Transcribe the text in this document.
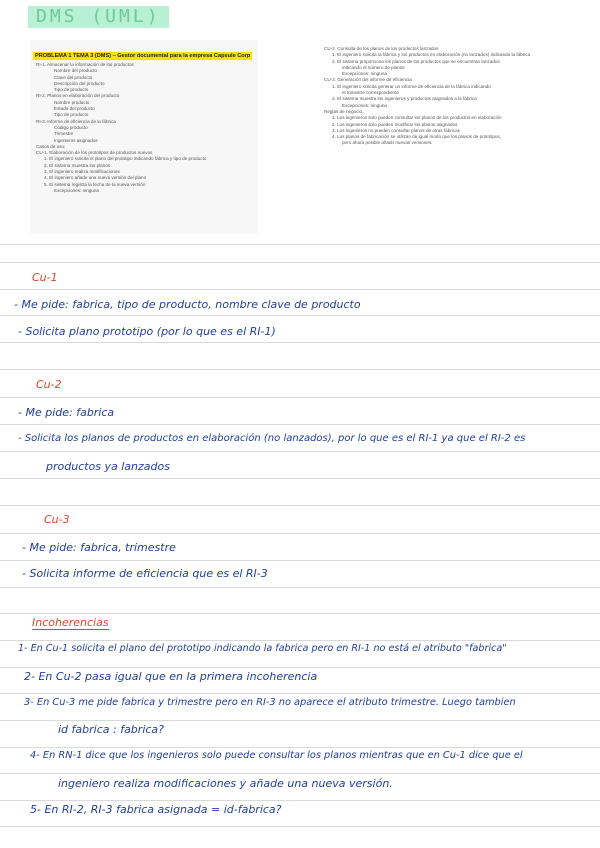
DMS (UML)
PROBLEMA 1 TEMA 3 (DMS) – Gestor documental para la empresa Capsule Corp
RI-1. Almacenar la información de los productos
Nombre del producto
Clave del producto
Descripción del producto
Tipo de producto
RI-2. Planos en elaboración del producto
Nombre producto
Estado del producto
Tipo de producto
RI-3. Informe de eficiencia de la fábrica
Código producto
Trimestre
Ingenieros asignados
Casos de uso:
CU-1. Elaboración de los prototipos de productos nuevos
1. El ingeniero solicita el plano del prototipo indicando fábrica y tipo de producto
2. El sistema muestra los planos
3. El ingeniero realiza modificaciones
4. El ingeniero añade una nueva versión del plano
5. El sistema registra la fecha de la nueva versión
Excepciones: ninguna
CU-2. Consulta de los planos de los productos lanzados
1. El ingeniero solicita la fábrica y los productos en elaboración (no lanzados) indicando la fábrica
2. El sistema proporciona los planos de los productos que se encuentran lanzados
indicando el número de planos
Excepciones: ninguna
CU-3. Generación del informe de eficiencia
1. El ingeniero solicita generar un informe de eficiencia de la fábrica indicando
el trimestre correspondiente
2. El sistema muestra los ingenieros y productos asignados a la fábrica
Excepciones: ninguna
Reglas de negocio.
1. Los ingenieros solo pueden consultar los planos de los productos en elaboración
2. Los ingenieros solo pueden modificar los planos asignados
3. Los ingenieros no pueden consultar planos de otras fábricas
4. Los planos de fabricación se utilizan de igual modo que los planos de prototipos,
pero ahora posible añadir nuevas versiones.
Cu-1
- Me pide: fabrica, tipo de producto, nombre clave de producto
- Solicita plano prototipo (por lo que es el RI-1)
Cu-2
- Me pide: fabrica
- Solicita los planos de productos en elaboración (no lanzados), por lo que es el RI-1 ya que el RI-2 es
productos ya lanzados
Cu-3
- Me pide: fabrica, trimestre
- Solicita informe de eficiencia que es el RI-3
Incoherencias
1- En Cu-1 solicita el plano del prototipo indicando la fabrica pero en RI-1 no está el atributo "fabrica"
2- En Cu-2 pasa igual que en la primera incoherencia
3- En Cu-3 me pide fabrica y trimestre pero en RI-3 no aparece el atributo trimestre. Luego tambien
id fabrica : fabrica?
4- En RN-1 dice que los ingenieros solo puede consultar los planos mientras que en Cu-1 dice que el
ingeniero realiza modificaciones y añade una nueva versión.
5- En RI-2, RI-3 fabrica asignada = id-fabrica?
